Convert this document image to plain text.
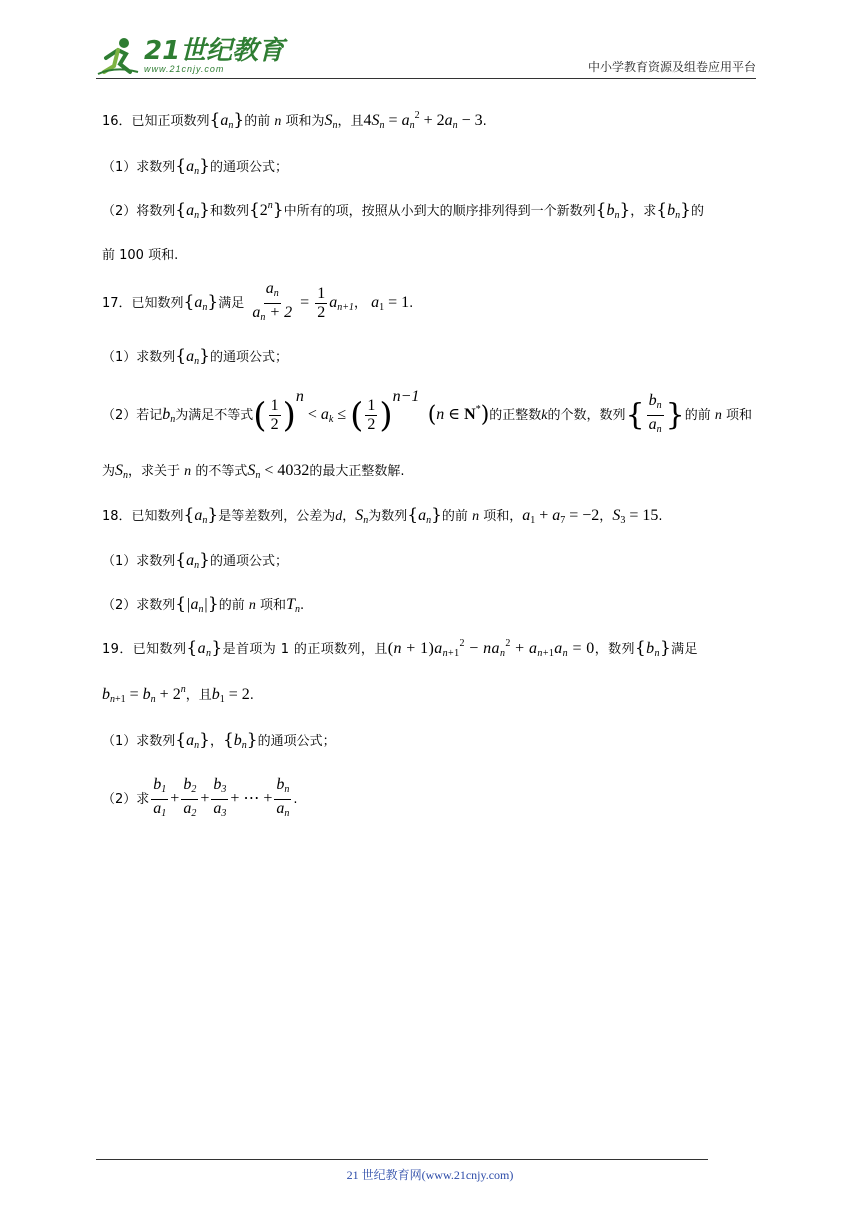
21世纪教育
www.21cnjy.com	中小学教育资源及组卷应用平台
16．已知正项数列$\{a_n\}$的前 n 项和为$S_n$，且$4S_n = a_n^2 + 2a_n - 3$.
（1）求数列$\{a_n\}$的通项公式；
（2）将数列$\{a_n\}$和数列{2$^n$}中所有的项，按照从小到大的顺序排列得到一个新数列$\{b_n\}$，求$\{b_n\}$的
前 100 项和.
17．已知数列$\{a_n\}$满足 $\frac{a_n}{a_n + 2} = \frac{1}{2} a_{n+1}$， $a_1 = 1$.
（1）求数列$\{a_n\}$的通项公式；
（2）若记$b_n$为满足不等式( $\frac{1}{2} )^n < a_k$ ≤ ( $\frac{1}{2} )^{n-1}$  (n ∈ N*)的正整数k的个数，数列{ $\frac{b_n}{a_n}$ }的前 n 项和
为$S_n$，求关于 n 的不等式$S_n < 4032$的最大正整数解.
18．已知数列$\{a_n\}$是等差数列，公差为d，$S_n$为数列$\{a_n\}$的前 n 项和，$a_1 + a_7 = -2$，$S_3 = 15$.
（1）求数列$\{a_n\}$的通项公式；
（2）求数列$\{|a_n|\}$的前 n 项和$T_n$.
19．已知数列$\{a_n\}$是首项为 1 的正项数列，且$(n + 1)a_{n+1}^2 - na_n^2 + a_{n+1}a_n = 0$，数列$\{b_n\}$满足
$b_{n+1} = b_n + 2^n$，且$b_1 = 2$.
（1）求数列$\{a_n\}$，$\{b_n\}$的通项公式；
（2）求 $\frac{b_1}{a_1} + \frac{b_2}{a_2} + \frac{b_3}{a_3}$ + ⋯ + $\frac{b_n}{a_n}$ .
21 世纪教育网(www.21cnjy.com)
